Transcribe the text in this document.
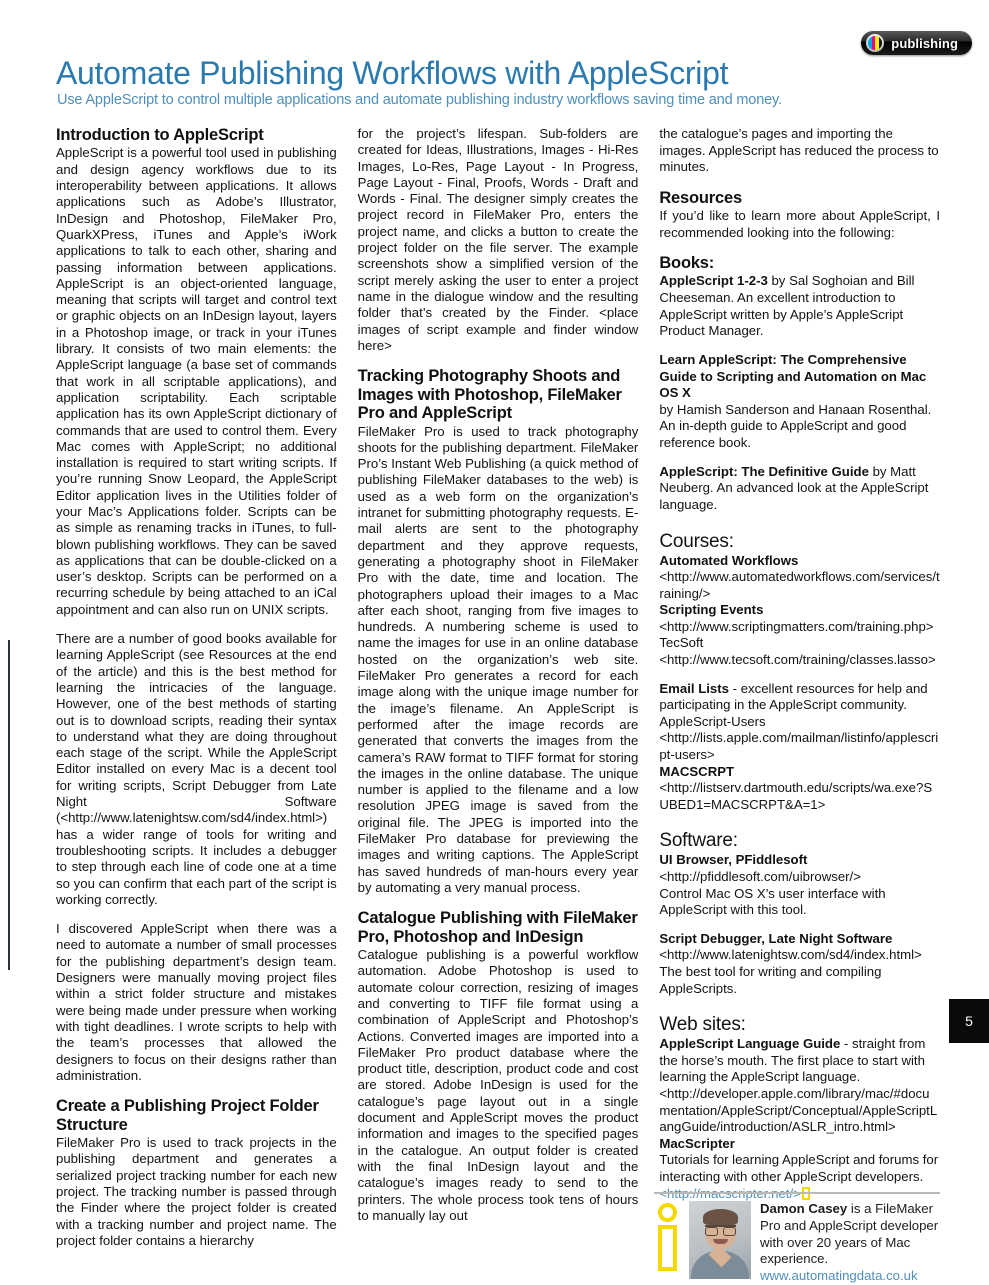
publishing
Automate Publishing Workflows with AppleScript
Use AppleScript to control multiple applications and automate publishing industry workflows saving time and money.
Introduction to AppleScript

AppleScript is a powerful tool used in publishing and design agency workflows due to its interoperability between applications. It allows applications such as Adobe’s Illustrator, InDesign and Photoshop, FileMaker Pro, QuarkXPress, iTunes and Apple’s iWork applications to talk to each other, sharing and passing information between applications. AppleScript is an object-oriented language, meaning that scripts will target and control text or graphic objects on an InDesign layout, layers in a Photoshop image, or track in your iTunes library. It consists of two main elements: the AppleScript language (a base set of commands that work in all scriptable applications), and application scriptability. Each scriptable application has its own AppleScript dictionary of commands that are used to control them. Every Mac comes with AppleScript; no additional installation is required to start writing scripts. If you’re running Snow Leopard, the AppleScript Editor application lives in the Utilities folder of your Mac’s Applications folder. Scripts can be as simple as renaming tracks in iTunes, to full-blown publishing workflows. They can be saved as applications that can be double-clicked on a user’s desktop. Scripts can be performed on a recurring schedule by being attached to an iCal appointment and can also run on UNIX scripts.

There are a number of good books available for learning AppleScript (see Resources at the end of the article) and this is the best method for learning the intricacies of the language. However, one of the best methods of starting out is to download scripts, reading their syntax to understand what they are doing throughout each stage of the script. While the AppleScript Editor installed on every Mac is a decent tool for writing scripts, Script Debugger from Late Night Software (<http://www.latenightsw.com/sd4/index.html>) has a wider range of tools for writing and troubleshooting scripts. It includes a debugger to step through each line of code one at a time so you can confirm that each part of the script is working correctly.

I discovered AppleScript when there was a need to automate a number of small processes for the publishing department’s design team. Designers were manually moving project files within a strict folder structure and mistakes were being made under pressure when working with tight deadlines. I wrote scripts to help with the team’s processes that allowed the designers to focus on their designs rather than administration.

Create a Publishing Project Folder Structure

FileMaker Pro is used to track projects in the publishing department and generates a serialized project tracking number for each new project. The tracking number is passed through the Finder where the project folder is created with a tracking number and project name. The project folder contains a hierarchy

for the project’s lifespan. Sub-folders are created for Ideas, Illustrations, Images - Hi-Res Images, Lo-Res, Page Layout - In Progress, Page Layout - Final, Proofs, Words - Draft and Words - Final. The designer simply creates the project record in FileMaker Pro, enters the project name, and clicks a button to create the project folder on the file server. The example screenshots show a simplified version of the script merely asking the user to enter a project name in the dialogue window and the resulting folder that’s created by the Finder. <place images of script example and finder window here>

Tracking Photography Shoots and Images with Photoshop, FileMaker Pro and AppleScript

FileMaker Pro is used to track photography shoots for the publishing department. FileMaker Pro’s Instant Web Publishing (a quick method of publishing FileMaker databases to the web) is used as a web form on the organization’s intranet for submitting photography requests. E-mail alerts are sent to the photography department and they approve requests, generating a photography shoot in FileMaker Pro with the date, time and location. The photographers upload their images to a Mac after each shoot, ranging from five images to hundreds. A numbering scheme is used to name the images for use in an online database hosted on the organization’s web site. FileMaker Pro generates a record for each image along with the unique image number for the image’s filename. An AppleScript is performed after the image records are generated that converts the images from the camera’s RAW format to TIFF format for storing the images in the online database. The unique number is applied to the filename and a low resolution JPEG image is saved from the original file. The JPEG is imported into the FileMaker Pro database for previewing the images and writing captions. The AppleScript has saved hundreds of man-hours every year by automating a very manual process.

Catalogue Publishing with FileMaker Pro, Photoshop and InDesign

Catalogue publishing is a powerful workflow automation. Adobe Photoshop is used to automate colour correction, resizing of images and converting to TIFF file format using a combination of AppleScript and Photoshop’s Actions. Converted images are imported into a FileMaker Pro product database where the product title, description, product code and cost are stored. Adobe InDesign is used for the catalogue’s page layout out in a single document and AppleScript moves the product information and images to the specified pages in the catalogue. An output folder is created with the final InDesign layout and the catalogue’s images ready to send to the printers. The whole process took tens of hours to manually lay out

the catalogue’s pages and importing the images. AppleScript has reduced the process to minutes.

Resources

If you’d like to learn more about AppleScript, I recommended looking into the following:

Books:

AppleScript 1-2-3 by Sal Soghoian and Bill Cheeseman. An excellent introduction to AppleScript written by Apple’s AppleScript Product Manager.

Learn AppleScript: The Comprehensive Guide to Scripting and Automation on Mac OS X
by Hamish Sanderson and Hanaan Rosenthal. An in-depth guide to AppleScript and good reference book.

AppleScript: The Definitive Guide by Matt Neuberg. An advanced look at the AppleScript language.

Courses:
Automated Workflows

<http://www.automatedworkflows.com/services/training/>

Scripting Events

<http://www.scriptingmatters.com/training.php>

TecSoft

<http://www.tecsoft.com/training/classes.lasso>

Email Lists - excellent resources for help and participating in the AppleScript community.

AppleScript-Users

<http://lists.apple.com/mailman/listinfo/applescript-users>

MACSCRPT

<http://listserv.dartmouth.edu/scripts/wa.exe?SUBED1=MACSCRPT&A=1>

Software:
UI Browser, PFiddlesoft

<http://pfiddlesoft.com/uibrowser/>

Control Mac OS X’s user interface with AppleScript with this tool.

Script Debugger, Late Night Software

<http://www.latenightsw.com/sd4/index.html>

The best tool for writing and compiling AppleScripts.

Web sites:

AppleScript Language Guide - straight from the horse’s mouth. The first place to start with learning the AppleScript language.

<http://developer.apple.com/library/mac/#documentation/AppleScript/Conceptual/AppleScriptLangGuide/introduction/ASLR_intro.html>

MacScripter

Tutorials for learning AppleScript and forums for interacting with other AppleScript developers.

5
Damon Casey is a FileMaker Pro and AppleScript developer with over 20 years of Mac experience.
www.automatingdata.co.uk
